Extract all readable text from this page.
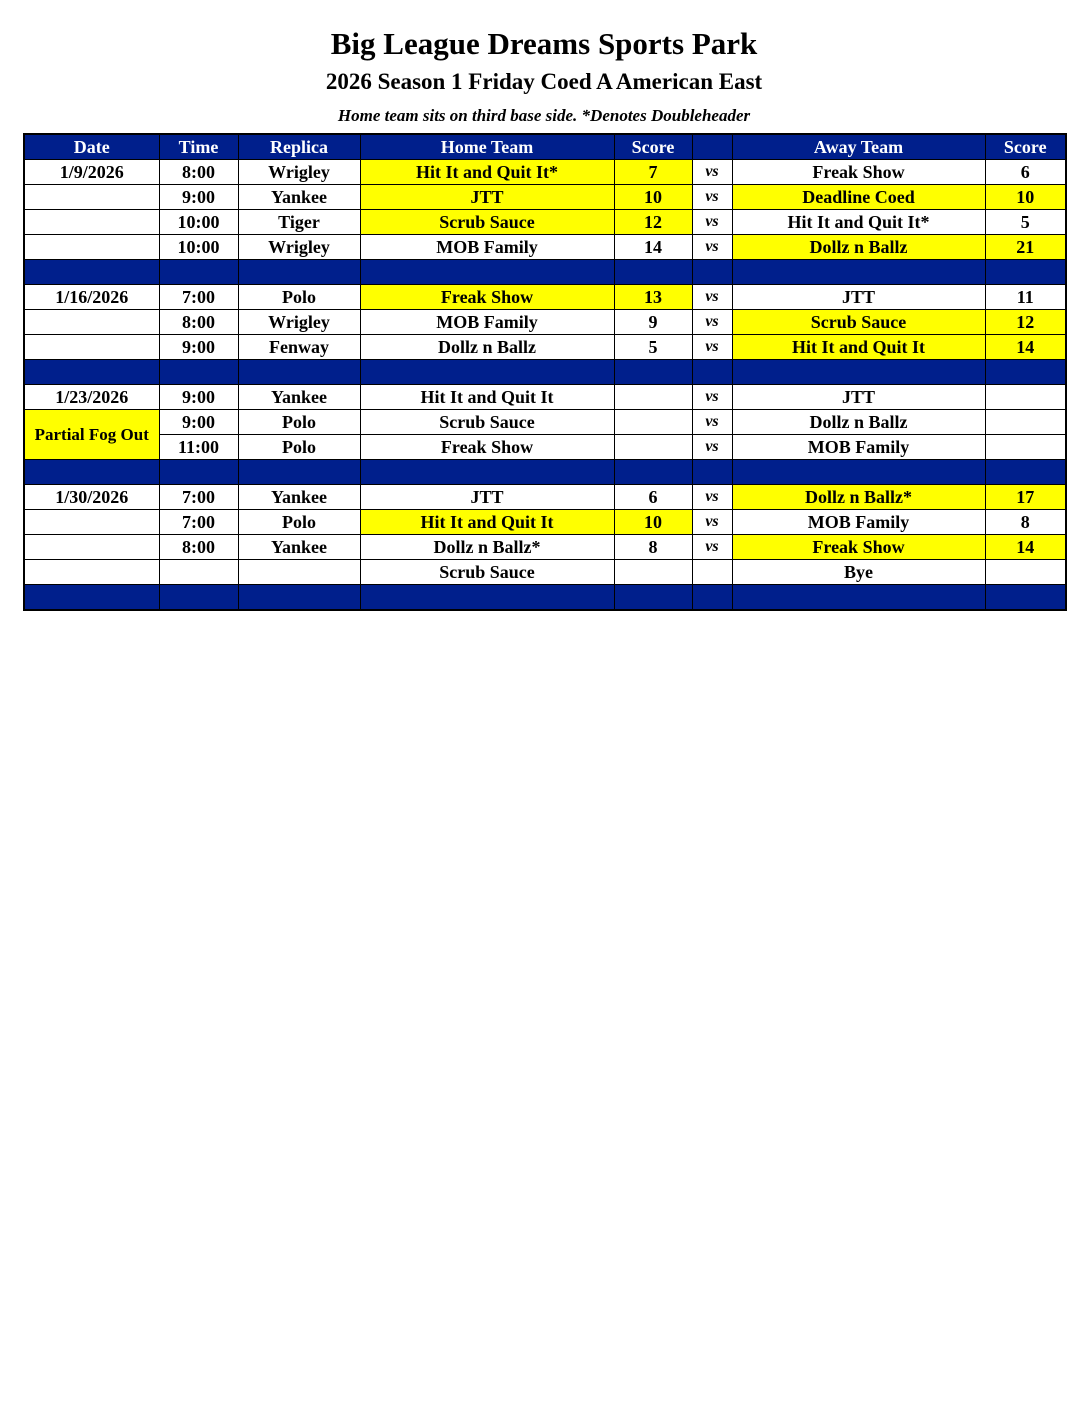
Big League Dreams Sports Park
2026 Season 1 Friday Coed A American East
Home team sits on third base side. *Denotes Doubleheader
Date	Time	Replica	Home Team	Score		Away Team	Score
1/9/2026	8:00	Wrigley	Hit It and Quit It*	7	vs	Freak Show	6
	9:00	Yankee	JTT	10	vs	Deadline Coed	10
	10:00	Tiger	Scrub Sauce	12	vs	Hit It and Quit It*	5
	10:00	Wrigley	MOB Family	14	vs	Dollz n Ballz	21

1/16/2026	7:00	Polo	Freak Show	13	vs	JTT	11
	8:00	Wrigley	MOB Family	9	vs	Scrub Sauce	12
	9:00	Fenway	Dollz n Ballz	5	vs	Hit It and Quit It	14

1/23/2026	9:00	Yankee	Hit It and Quit It		vs	JTT	
Partial Fog Out	9:00	Polo	Scrub Sauce		vs	Dollz n Ballz	
	11:00	Polo	Freak Show		vs	MOB Family	

1/30/2026	7:00	Yankee	JTT	6	vs	Dollz n Ballz*	17
	7:00	Polo	Hit It and Quit It	10	vs	MOB Family	8
	8:00	Yankee	Dollz n Ballz*	8	vs	Freak Show	14
			Scrub Sauce			Bye	
